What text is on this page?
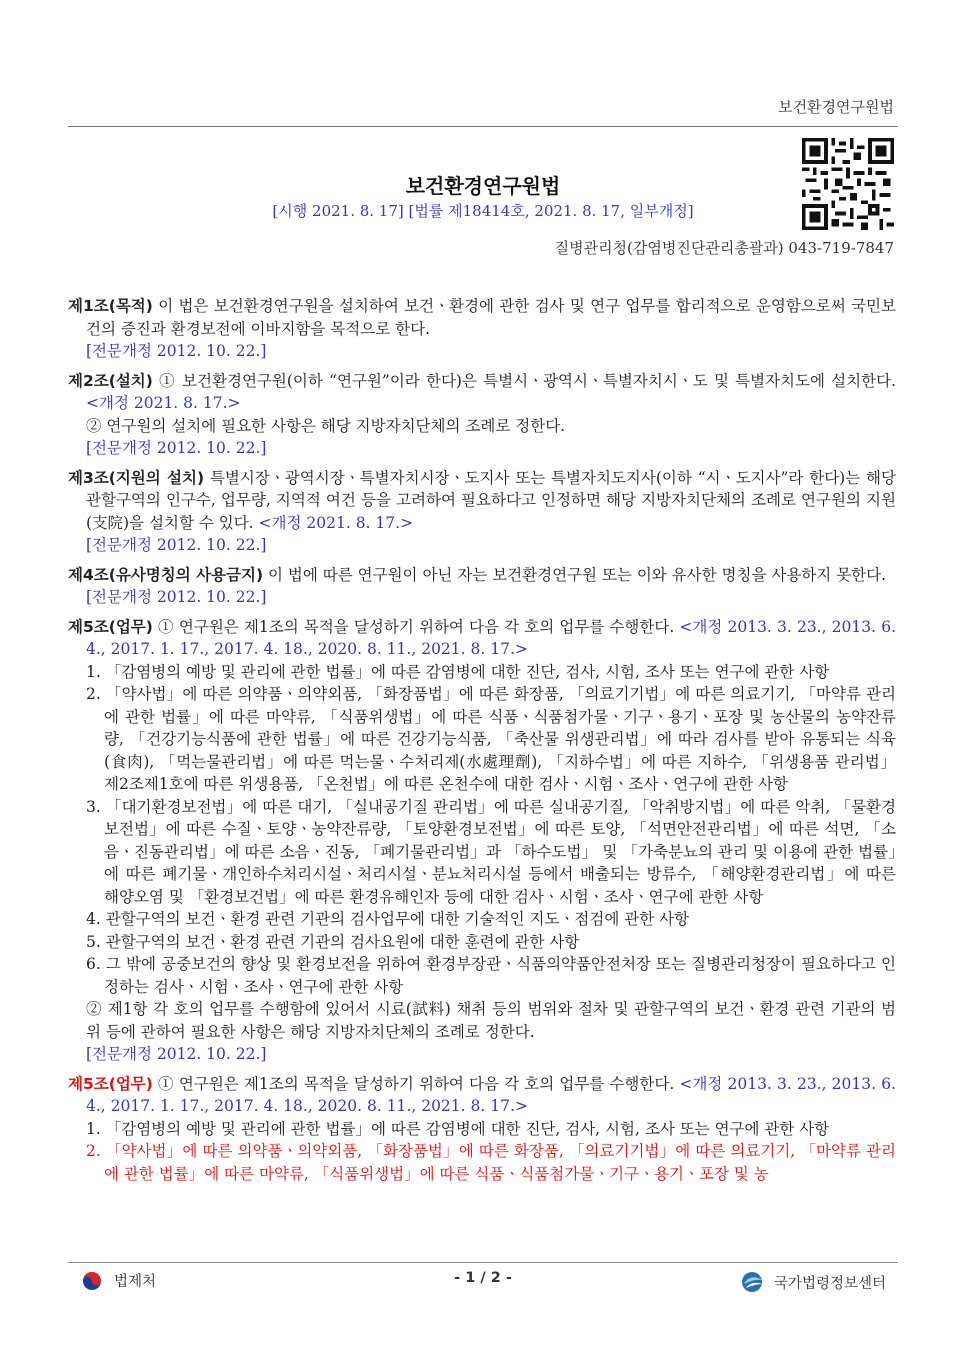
보건환경연구원법
보건환경연구원법
[시행 2021. 8. 17] [법률 제18414호, 2021. 8. 17, 일부개정]
질병관리청(감염병진단관리총괄과) 043-719-7847
제1조(목적) 이 법은 보건환경연구원을 설치하여 보건ㆍ환경에 관한 검사 및 연구 업무를 합리적으로 운영함으로써 국민보건의 증진과 환경보전에 이바지함을 목적으로 한다.
[전문개정 2012. 10. 22.]
제2조(설치) ① 보건환경연구원(이하 “연구원”이라 한다)은 특별시ㆍ광역시ㆍ특별자치시ㆍ도 및 특별자치도에 설치한다. <개정 2021. 8. 17.>
② 연구원의 설치에 필요한 사항은 해당 지방자치단체의 조례로 정한다.
[전문개정 2012. 10. 22.]
제3조(지원의 설치) 특별시장ㆍ광역시장ㆍ특별자치시장ㆍ도지사 또는 특별자치도지사(이하 “시ㆍ도지사”라 한다)는 해당 관할구역의 인구수, 업무량, 지역적 여건 등을 고려하여 필요하다고 인정하면 해당 지방자치단체의 조례로 연구원의 지원(支院)을 설치할 수 있다. <개정 2021. 8. 17.>
[전문개정 2012. 10. 22.]
제4조(유사명칭의 사용금지) 이 법에 따른 연구원이 아닌 자는 보건환경연구원 또는 이와 유사한 명칭을 사용하지 못한다.
[전문개정 2012. 10. 22.]
제5조(업무) ① 연구원은 제1조의 목적을 달성하기 위하여 다음 각 호의 업무를 수행한다. <개정 2013. 3. 23., 2013. 6. 4., 2017. 1. 17., 2017. 4. 18., 2020. 8. 11., 2021. 8. 17.>
1. 「감염병의 예방 및 관리에 관한 법률」에 따른 감염병에 대한 진단, 검사, 시험, 조사 또는 연구에 관한 사항
2. 「약사법」에 따른 의약품ㆍ의약외품, 「화장품법」에 따른 화장품, 「의료기기법」에 따른 의료기기, 「마약류 관리에 관한 법률」에 따른 마약류, 「식품위생법」에 따른 식품ㆍ식품첨가물ㆍ기구ㆍ용기ㆍ포장 및 농산물의 농약잔류량, 「건강기능식품에 관한 법률」에 따른 건강기능식품, 「축산물 위생관리법」에 따라 검사를 받아 유통되는 식육(食肉), 「먹는물관리법」에 따른 먹는물ㆍ수처리제(水處理劑), 「지하수법」에 따른 지하수, 「위생용품 관리법」 제2조제1호에 따른 위생용품, 「온천법」에 따른 온천수에 대한 검사ㆍ시험ㆍ조사ㆍ연구에 관한 사항
3. 「대기환경보전법」에 따른 대기, 「실내공기질 관리법」에 따른 실내공기질, 「악취방지법」에 따른 악취, 「물환경보전법」에 따른 수질ㆍ토양ㆍ농약잔류량, 「토양환경보전법」에 따른 토양, 「석면안전관리법」에 따른 석면, 「소음ㆍ진동관리법」에 따른 소음ㆍ진동, 「폐기물관리법」과 「하수도법」 및 「가축분뇨의 관리 및 이용에 관한 법률」에 따른 폐기물ㆍ개인하수처리시설ㆍ처리시설ㆍ분뇨처리시설 등에서 배출되는 방류수, 「해양환경관리법」에 따른 해양오염 및 「환경보건법」에 따른 환경유해인자 등에 대한 검사ㆍ시험ㆍ조사ㆍ연구에 관한 사항
4. 관할구역의 보건ㆍ환경 관련 기관의 검사업무에 대한 기술적인 지도ㆍ점검에 관한 사항
5. 관할구역의 보건ㆍ환경 관련 기관의 검사요원에 대한 훈련에 관한 사항
6. 그 밖에 공중보건의 향상 및 환경보전을 위하여 환경부장관ㆍ식품의약품안전처장 또는 질병관리청장이 필요하다고 인정하는 검사ㆍ시험ㆍ조사ㆍ연구에 관한 사항
② 제1항 각 호의 업무를 수행함에 있어서 시료(試料) 채취 등의 범위와 절차 및 관할구역의 보건ㆍ환경 관련 기관의 범위 등에 관하여 필요한 사항은 해당 지방자치단체의 조례로 정한다.
[전문개정 2012. 10. 22.]
제5조(업무) ① 연구원은 제1조의 목적을 달성하기 위하여 다음 각 호의 업무를 수행한다. <개정 2013. 3. 23., 2013. 6. 4., 2017. 1. 17., 2017. 4. 18., 2020. 8. 11., 2021. 8. 17.>
1. 「감염병의 예방 및 관리에 관한 법률」에 따른 감염병에 대한 진단, 검사, 시험, 조사 또는 연구에 관한 사항
2. 「약사법」에 따른 의약품ㆍ의약외품, 「화장품법」에 따른 화장품, 「의료기기법」에 따른 의료기기, 「마약류 관리에 관한 법률」에 따른 마약류, 「식품위생법」에 따른 식품ㆍ식품첨가물ㆍ기구ㆍ용기ㆍ포장 및 농
법제처	- 1 / 2 -	국가법령정보센터
